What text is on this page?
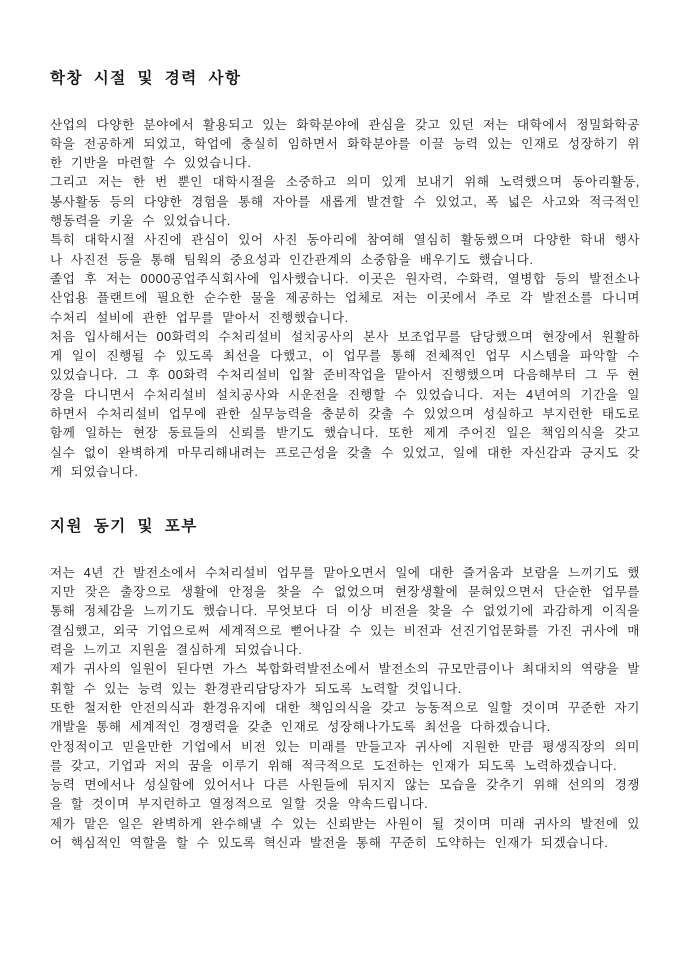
학창 시절 및 경력 사항

산업의 다양한 분야에서 활용되고 있는 화학분야에 관심을 갖고 있던 저는 대학에서 정밀화학공학을 전공하게 되었고, 학업에 충실히 임하면서 화학분야를 이끌 능력 있는 인재로 성장하기 위한 기반을 마련할 수 있었습니다.

그리고 저는 한 번 뿐인 대학시절을 소중하고 의미 있게 보내기 위해 노력했으며 동아리활동, 봉사활동 등의 다양한 경험을 통해 자아를 새롭게 발견할 수 있었고, 폭 넓은 사고와 적극적인 행동력을 키울 수 있었습니다.

특히 대학시절 사진에 관심이 있어 사진 동아리에 참여해 열심히 활동했으며 다양한 학내 행사나 사진전 등을 통해 팀웍의 중요성과 인간관계의 소중함을 배우기도 했습니다.

졸업 후 저는 0000공업주식회사에 입사했습니다. 이곳은 원자력, 수화력, 열병합 등의 발전소나 산업용 플랜트에 필요한 순수한 물을 제공하는 업체로 저는 이곳에서 주로 각 발전소를 다니며 수처리 설비에 관한 업무를 맡아서 진행했습니다.

처음 입사해서는 00화력의 수처리설비 설치공사의 본사 보조업무를 담당했으며 현장에서 원활하게 일이 진행될 수 있도록 최선을 다했고, 이 업무를 통해 전체적인 업무 시스템을 파악할 수 있었습니다. 그 후 00화력 수처리설비 입찰 준비작업을 맡아서 진행했으며 다음해부터 그 두 현장을 다니면서 수처리설비 설치공사와 시운전을 진행할 수 있었습니다. 저는 4년여의 기간을 일하면서 수처리설비 업무에 관한 실무능력을 충분히 갖출 수 있었으며 성실하고 부지런한 태도로 함께 일하는 현장 동료들의 신뢰를 받기도 했습니다. 또한 제게 주어진 일은 책임의식을 갖고 실수 없이 완벽하게 마무리해내려는 프로근성을 갖출 수 있었고, 일에 대한 자신감과 긍지도 갖게 되었습니다.

지원 동기 및 포부

저는 4년 간 발전소에서 수처리설비 업무를 맡아오면서 일에 대한 즐거움과 보람을 느끼기도 했지만 잦은 출장으로 생활에 안정을 찾을 수 없었으며 현장생활에 묻혀있으면서 단순한 업무를 통해 정체감을 느끼기도 했습니다. 무엇보다 더 이상 비전을 찾을 수 없었기에 과감하게 이직을 결심했고, 외국 기업으로써 세계적으로 뻗어나갈 수 있는 비전과 선진기업문화를 가진 귀사에 매력을 느끼고 지원을 결심하게 되었습니다.

제가 귀사의 일원이 된다면 가스 복합화력발전소에서 발전소의 규모만큼이나 최대치의 역량을 발휘할 수 있는 능력 있는 환경관리담당자가 되도록 노력할 것입니다.

또한 철저한 안전의식과 환경유지에 대한 책임의식을 갖고 능동적으로 일할 것이며 꾸준한 자기개발을 통해 세계적인 경쟁력을 갖춘 인재로 성장해나가도록 최선을 다하겠습니다.

안정적이고 믿을만한 기업에서 비전 있는 미래를 만들고자 귀사에 지원한 만큼 평생직장의 의미를 갖고, 기업과 저의 꿈을 이루기 위해 적극적으로 도전하는 인재가 되도록 노력하겠습니다.

능력 면에서나 성실함에 있어서나 다른 사원들에 뒤지지 않는 모습을 갖추기 위해 선의의 경쟁을 할 것이며 부지런하고 열정적으로 일할 것을 약속드립니다.

제가 맡은 일은 완벽하게 완수해낼 수 있는 신뢰받는 사원이 될 것이며 미래 귀사의 발전에 있어 핵심적인 역할을 할 수 있도록 혁신과 발전을 통해 꾸준히 도약하는 인재가 되겠습니다.
